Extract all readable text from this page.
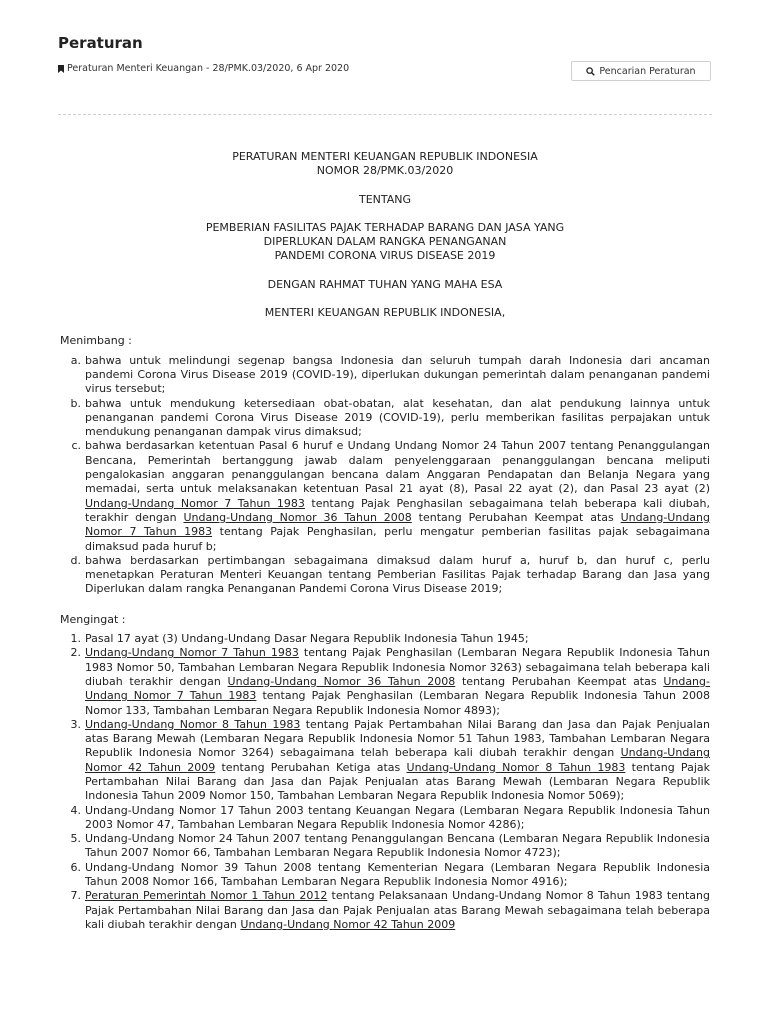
Peraturan
Peraturan Menteri Keuangan - 28/PMK.03/2020, 6 Apr 2020	Pencarian Peraturan
PERATURAN MENTERI KEUANGAN REPUBLIK INDONESIA
NOMOR 28/PMK.03/2020
TENTANG
PEMBERIAN FASILITAS PAJAK TERHADAP BARANG DAN JASA YANG
DIPERLUKAN DALAM RANGKA PENANGANAN
PANDEMI CORONA VIRUS DISEASE 2019
DENGAN RAHMAT TUHAN YANG MAHA ESA
MENTERI KEUANGAN REPUBLIK INDONESIA,
Menimbang :
a. bahwa untuk melindungi segenap bangsa Indonesia dan seluruh tumpah darah Indonesia dari ancaman pandemi Corona Virus Disease 2019 (COVID-19), diperlukan dukungan pemerintah dalam penanganan pandemi virus tersebut;
b. bahwa untuk mendukung ketersediaan obat-obatan, alat kesehatan, dan alat pendukung lainnya untuk penanganan pandemi Corona Virus Disease 2019 (COVID-19), perlu memberikan fasilitas perpajakan untuk mendukung penanganan dampak virus dimaksud;
c. bahwa berdasarkan ketentuan Pasal 6 huruf e Undang Undang Nomor 24 Tahun 2007 tentang Penanggulangan Bencana, Pemerintah bertanggung jawab dalam penyelenggaraan penanggulangan bencana meliputi pengalokasian anggaran penanggulangan bencana dalam Anggaran Pendapatan dan Belanja Negara yang memadai, serta untuk melaksanakan ketentuan Pasal 21 ayat (8), Pasal 22 ayat (2), dan Pasal 23 ayat (2) Undang-Undang Nomor 7 Tahun 1983 tentang Pajak Penghasilan sebagaimana telah beberapa kali diubah, terakhir dengan Undang-Undang Nomor 36 Tahun 2008 tentang Perubahan Keempat atas Undang-Undang Nomor 7 Tahun 1983 tentang Pajak Penghasilan, perlu mengatur pemberian fasilitas pajak sebagaimana dimaksud pada huruf b;
d. bahwa berdasarkan pertimbangan sebagaimana dimaksud dalam huruf a, huruf b, dan huruf c, perlu menetapkan Peraturan Menteri Keuangan tentang Pemberian Fasilitas Pajak terhadap Barang dan Jasa yang Diperlukan dalam rangka Penanganan Pandemi Corona Virus Disease 2019;
Mengingat :
1. Pasal 17 ayat (3) Undang-Undang Dasar Negara Republik Indonesia Tahun 1945;
2. Undang-Undang Nomor 7 Tahun 1983 tentang Pajak Penghasilan (Lembaran Negara Republik Indonesia Tahun 1983 Nomor 50, Tambahan Lembaran Negara Republik Indonesia Nomor 3263) sebagaimana telah beberapa kali diubah terakhir dengan Undang-Undang Nomor 36 Tahun 2008 tentang Perubahan Keempat atas Undang-Undang Nomor 7 Tahun 1983 tentang Pajak Penghasilan (Lembaran Negara Republik Indonesia Tahun 2008 Nomor 133, Tambahan Lembaran Negara Republik Indonesia Nomor 4893);
3. Undang-Undang Nomor 8 Tahun 1983 tentang Pajak Pertambahan Nilai Barang dan Jasa dan Pajak Penjualan atas Barang Mewah (Lembaran Negara Republik Indonesia Nomor 51 Tahun 1983, Tambahan Lembaran Negara Republik Indonesia Nomor 3264) sebagaimana telah beberapa kali diubah terakhir dengan Undang-Undang Nomor 42 Tahun 2009 tentang Perubahan Ketiga atas Undang-Undang Nomor 8 Tahun 1983 tentang Pajak Pertambahan Nilai Barang dan Jasa dan Pajak Penjualan atas Barang Mewah (Lembaran Negara Republik Indonesia Tahun 2009 Nomor 150, Tambahan Lembaran Negara Republik Indonesia Nomor 5069);
4. Undang-Undang Nomor 17 Tahun 2003 tentang Keuangan Negara (Lembaran Negara Republik Indonesia Tahun 2003 Nomor 47, Tambahan Lembaran Negara Republik Indonesia Nomor 4286);
5. Undang-Undang Nomor 24 Tahun 2007 tentang Penanggulangan Bencana (Lembaran Negara Republik Indonesia Tahun 2007 Nomor 66, Tambahan Lembaran Negara Republik Indonesia Nomor 4723);
6. Undang-Undang Nomor 39 Tahun 2008 tentang Kementerian Negara (Lembaran Negara Republik Indonesia Tahun 2008 Nomor 166, Tambahan Lembaran Negara Republik Indonesia Nomor 4916);
7. Peraturan Pemerintah Nomor 1 Tahun 2012 tentang Pelaksanaan Undang-Undang Nomor 8 Tahun 1983 tentang Pajak Pertambahan Nilai Barang dan Jasa dan Pajak Penjualan atas Barang Mewah sebagaimana telah beberapa kali diubah terakhir dengan Undang-Undang Nomor 42 Tahun 2009
